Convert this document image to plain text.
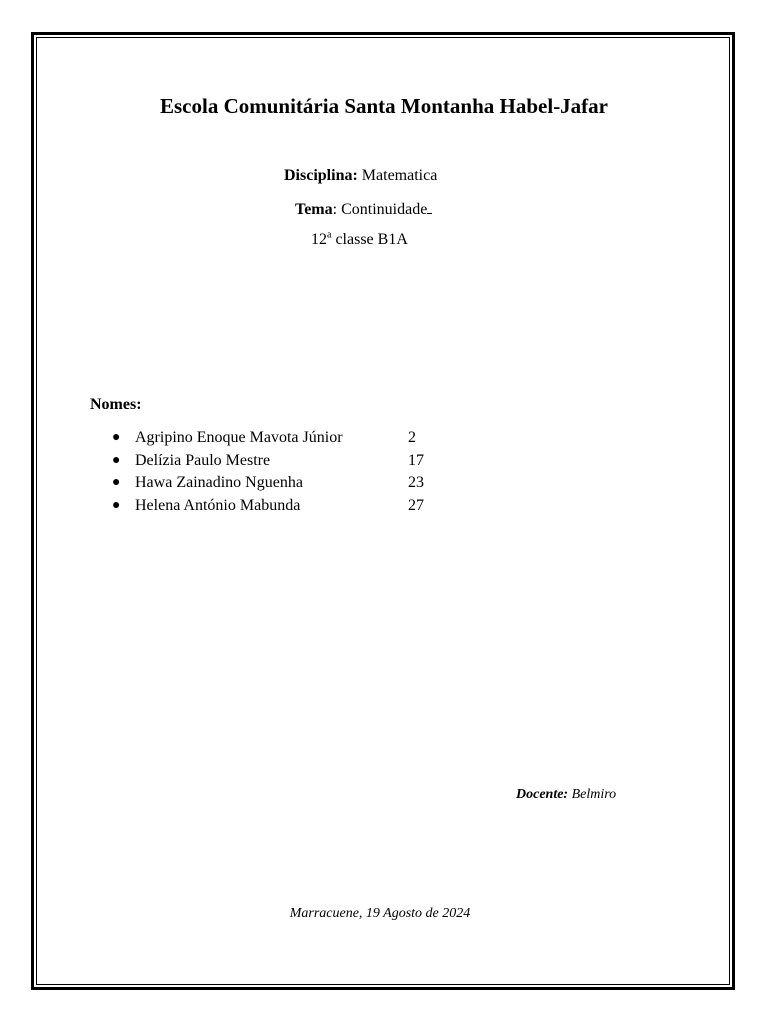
Escola Comunitária Santa Montanha Habel-Jafar
Disciplina: Matematica
Tema: Continuidade
12$^a$ classe B1A
Nomes:
● Agripino Enoque Mavota Júnior	2
● Delízia Paulo Mestre	17
● Hawa Zainadino Nguenha	23
● Helena António Mabunda	27
Docente: Belmiro
Marracuene, 19 Agosto de 2024
